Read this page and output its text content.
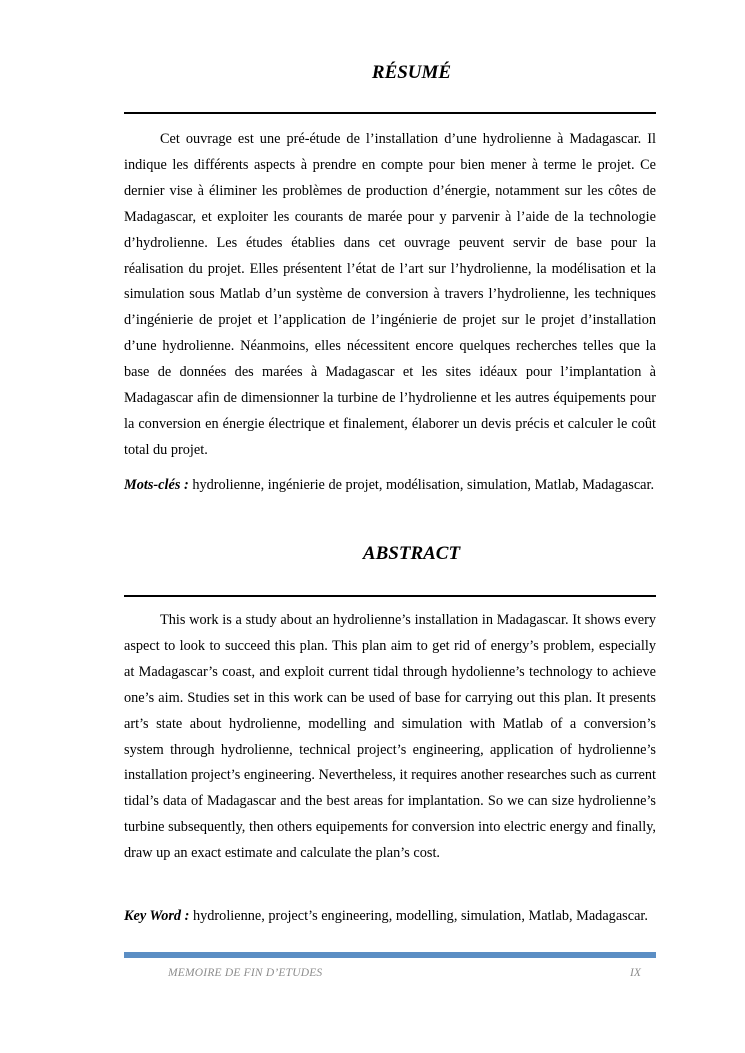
RÉSUMÉ

Cet ouvrage est une pré-étude de l’installation d’une hydrolienne à Madagascar. Il indique les différents aspects à prendre en compte pour bien mener à terme le projet. Ce dernier vise à éliminer les problèmes de production d’énergie, notamment sur les côtes de Madagascar, et exploiter les courants de marée pour y parvenir à l’aide de la technologie d’hydrolienne. Les études établies dans cet ouvrage peuvent servir de base pour la réalisation du projet. Elles présentent l’état de l’art sur l’hydrolienne, la modélisation et la simulation sous Matlab d’un système de conversion à travers l’hydrolienne, les techniques d’ingénierie de projet et l’application de l’ingénierie de projet sur le projet d’installation d’une hydrolienne. Néanmoins, elles nécessitent encore quelques recherches telles que la base de données des marées à Madagascar et les sites idéaux pour l’implantation à Madagascar afin de dimensionner la turbine de l’hydrolienne et les autres équipements pour la conversion en énergie électrique et finalement, élaborer un devis précis et calculer le coût total du projet.

Mots-clés : hydrolienne, ingénierie de projet, modélisation, simulation, Matlab, Madagascar.

ABSTRACT

This work is a study about an hydrolienne’s installation in Madagascar. It shows every aspect to look to succeed this plan. This plan aim to get rid of energy’s problem, especially at Madagascar’s coast, and exploit current tidal through hydolienne’s technology to achieve one’s aim. Studies set in this work can be used of base for carrying out this plan. It presents art’s state about hydrolienne, modelling and simulation with Matlab of a conversion’s system through hydrolienne, technical project’s engineering, application of hydrolienne’s installation project’s engineering. Nevertheless, it requires another researches such as current tidal’s data of Madagascar and the best areas for implantation. So we can size hydrolienne’s turbine subsequently, then others equipements for conversion into electric energy and finally, draw up an exact estimate and calculate the plan’s cost.

Key Word : hydrolienne, project’s engineering, modelling, simulation, Matlab, Madagascar.

MEMOIRE DE FIN D’ETUDES	IX
